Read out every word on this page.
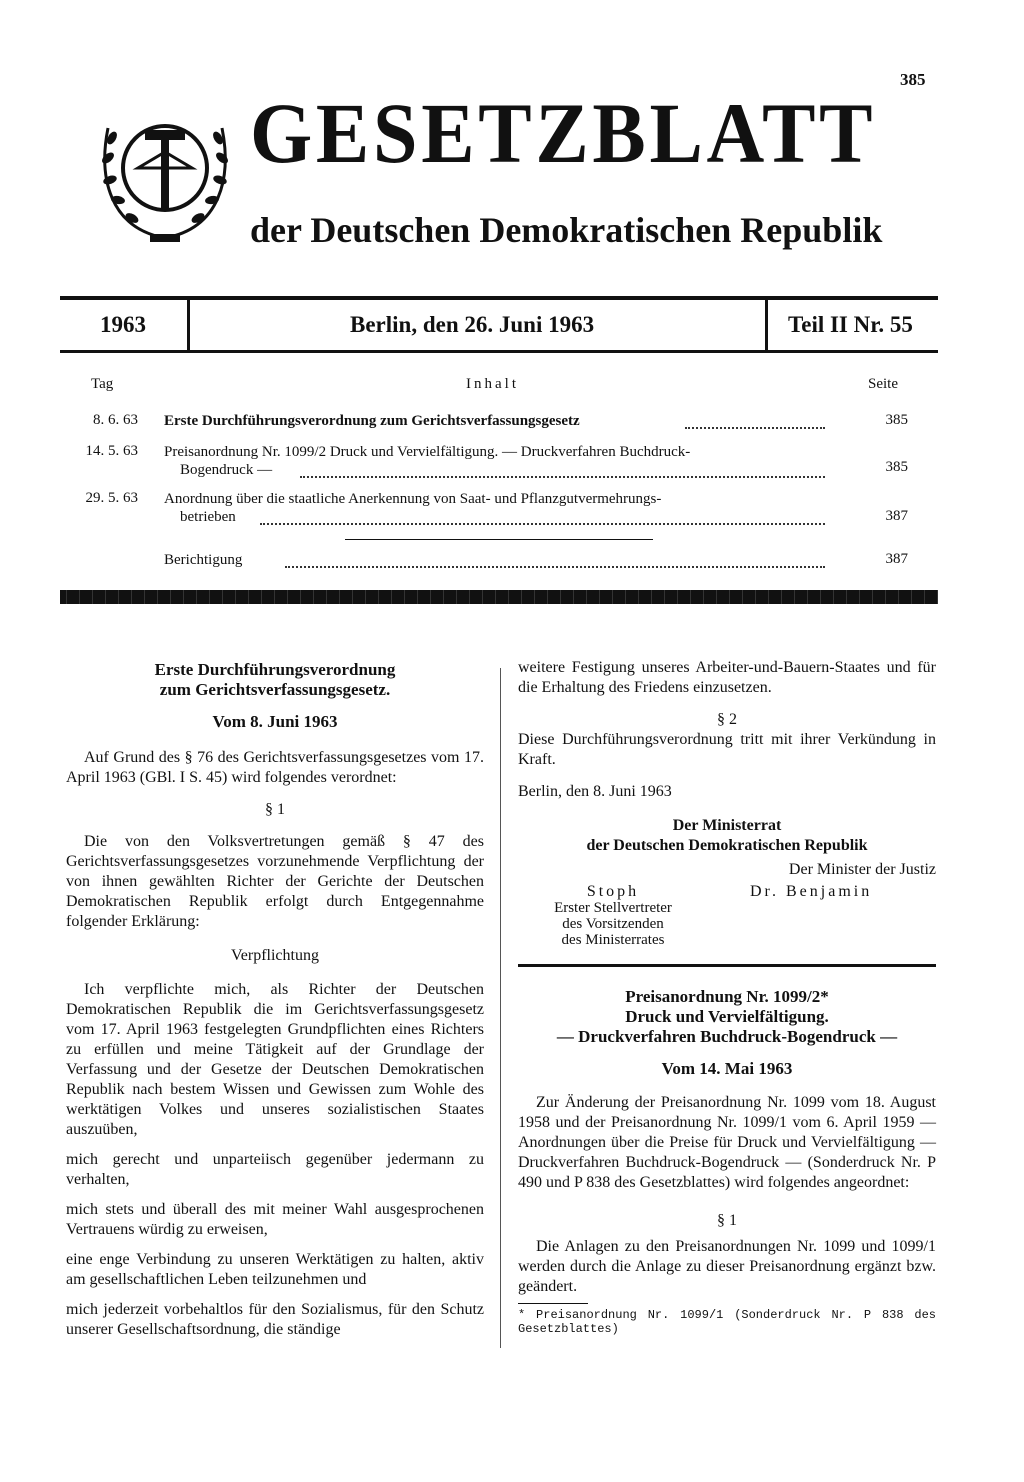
385
GESETZBLATT
der Deutschen Demokratischen Republik
1963	Berlin, den 26. Juni 1963	Teil II Nr. 55
Tag	Inhalt	Seite
8. 6. 63 Erste Durchführungsverordnung zum Gerichtsverfassungsgesetz	385
14. 5. 63 Preisanordnung Nr. 1099/2 Druck und Vervielfältigung. — Druckverfahren Buchdruck-
Bogendruck —	385
29. 5. 63 Anordnung über die staatliche Anerkennung von Saat- und Pflanzgutvermehrungs-
betrieben	387
Berichtigung	387
Erste Durchführungsverordnung
zum Gerichtsverfassungsgesetz.
Vom 8. Juni 1963

Auf Grund des § 76 des Gerichtsverfassungsgesetzes vom 17. April 1963 (GBl. I S. 45) wird folgendes verordnet:

§ 1

Die von den Volksvertretungen gemäß § 47 des Gerichtsverfassungsgesetzes vorzunehmende Verpflichtung der von ihnen gewählten Richter der Gerichte der Deutschen Demokratischen Republik erfolgt durch Entgegennahme folgender Erklärung:

Verpflichtung

Ich verpflichte mich, als Richter der Deutschen Demokratischen Republik die im Gerichtsverfassungsgesetz vom 17. April 1963 festgelegten Grundpflichten eines Richters zu erfüllen und meine Tätigkeit auf der Grundlage der Verfassung und der Gesetze der Deutschen Demokratischen Republik nach bestem Wissen und Gewissen zum Wohle des werktätigen Volkes und unseres sozialistischen Staates auszuüben,

mich gerecht und unparteiisch gegenüber jedermann zu verhalten,

mich stets und überall des mit meiner Wahl ausgesprochenen Vertrauens würdig zu erweisen,

eine enge Verbindung zu unseren Werktätigen zu halten, aktiv am gesellschaftlichen Leben teilzunehmen und

mich jederzeit vorbehaltlos für den Sozialismus, für den Schutz unserer Gesellschaftsordnung, die ständige

weitere Festigung unseres Arbeiter-und-Bauern-Staates und für die Erhaltung des Friedens einzusetzen.

§ 2

Diese Durchführungsverordnung tritt mit ihrer Verkündung in Kraft.

Berlin, den 8. Juni 1963
Der Ministerrat
der Deutschen Demokratischen Republik
Der Minister der Justiz
Stoph
Erster Stellvertreter
des Vorsitzenden
des Ministerrates
Dr. Benjamin
Preisanordnung Nr. 1099/2*
Druck und Vervielfältigung.
— Druckverfahren Buchdruck-Bogendruck —
Vom 14. Mai 1963

Zur Änderung der Preisanordnung Nr. 1099 vom 18. August 1958 und der Preisanordnung Nr. 1099/1 vom 6. April 1959 — Anordnungen über die Preise für Druck und Vervielfältigung — Druckverfahren Buchdruck-Bogendruck — (Sonderdruck Nr. P 490 und P 838 des Gesetzblattes) wird folgendes angeordnet:

§ 1

Die Anlagen zu den Preisanordnungen Nr. 1099 und 1099/1 werden durch die Anlage zu dieser Preisanordnung ergänzt bzw. geändert.

* Preisanordnung Nr. 1099/1 (Sonderdruck Nr. P 838 des Gesetzblattes)
